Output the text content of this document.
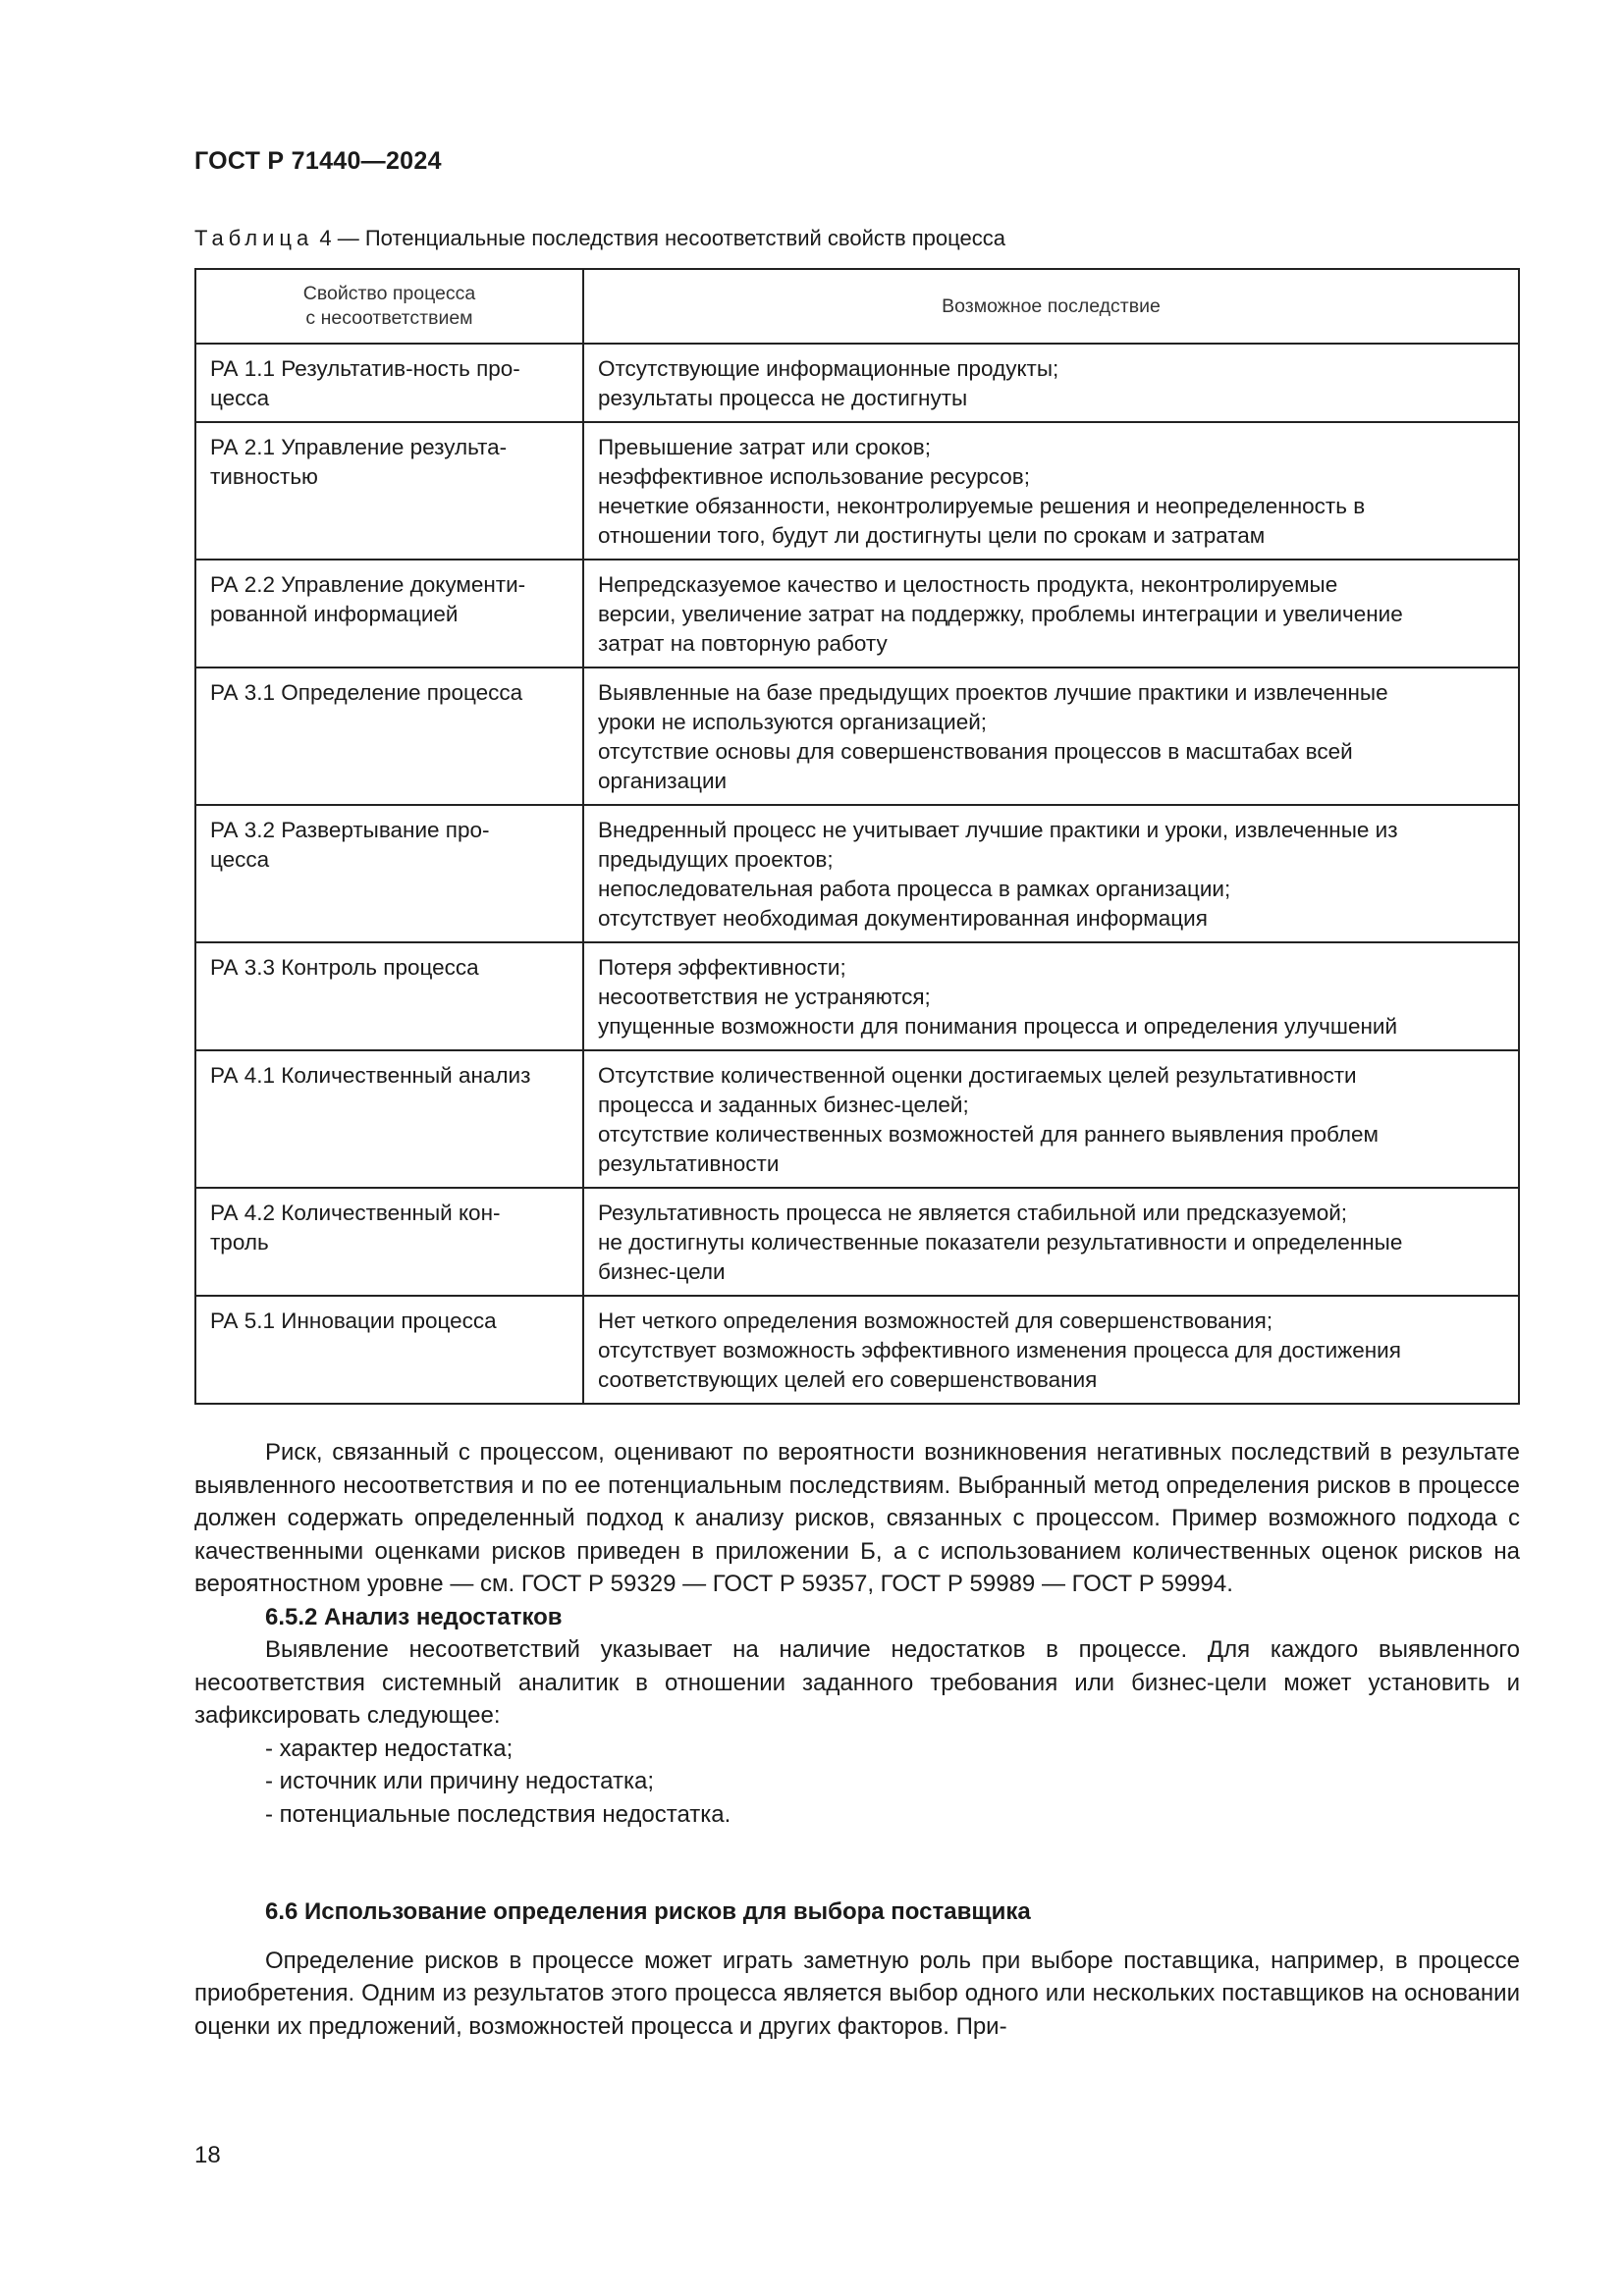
ГОСТ Р 71440—2024
Таблица 4 — Потенциальные последствия несоответствий свойств процесса
Свойство процесса
с несоответствием	Возможное последствие

РА 1.1 Результатив-ность про-
цесса	Отсутствующие информационные продукты;
результаты процесса не достигнуты

РА 2.1 Управление результа-
тивностью	Превышение затрат или сроков;
неэффективное использование ресурсов;
нечеткие обязанности, неконтролируемые решения и неопределенность в
отношении того, будут ли достигнуты цели по срокам и затратам

РА 2.2 Управление документи-
рованной информацией	Непредсказуемое качество и целостность продукта, неконтролируемые
версии, увеличение затрат на поддержку, проблемы интеграции и увеличение
затрат на повторную работу

РА 3.1 Определение процесса	Выявленные на базе предыдущих проектов лучшие практики и извлеченные
уроки не используются организацией;
отсутствие основы для совершенствования процессов в масштабах всей
организации

РА 3.2 Развертывание про-
цесса	Внедренный процесс не учитывает лучшие практики и уроки, извлеченные из
предыдущих проектов;
непоследовательная работа процесса в рамках организации;
отсутствует необходимая документированная информация

РА 3.3 Контроль процесса	Потеря эффективности;
несоответствия не устраняются;
упущенные возможности для понимания процесса и определения улучшений

РА 4.1 Количественный анализ	Отсутствие количественной оценки достигаемых целей результативности
процесса и заданных бизнес-целей;
отсутствие количественных возможностей для раннего выявления проблем
результативности

РА 4.2 Количественный кон-
троль	Результативность процесса не является стабильной или предсказуемой;
не достигнуты количественные показатели результативности и определенные
бизнес-цели

РА 5.1 Инновации процесса	Нет четкого определения возможностей для совершенствования;
отсутствует возможность эффективного изменения процесса для достижения
соответствующих целей его совершенствования

Риск, связанный с процессом, оценивают по вероятности возникновения негативных последствий в результате выявленного несоответствия и по ее потенциальным последствиям. Выбранный метод определения рисков в процессе должен содержать определенный подход к анализу рисков, связанных с процессом. Пример возможного подхода с качественными оценками рисков приведен в приложении Б, а с использованием количественных оценок рисков на вероятностном уровне — см. ГОСТ Р 59329 — ГОСТ Р 59357, ГОСТ Р 59989 — ГОСТ Р 59994.

6.5.2 Анализ недостатков

Выявление несоответствий указывает на наличие недостатков в процессе. Для каждого выявленного несоответствия системный аналитик в отношении заданного требования или бизнес-цели может установить и зафиксировать следующее:

- характер недостатка;

- источник или причину недостатка;

- потенциальные последствия недостатка.

6.6 Использование определения рисков для выбора поставщика

Определение рисков в процессе может играть заметную роль при выборе поставщика, например, в процессе приобретения. Одним из результатов этого процесса является выбор одного или нескольких поставщиков на основании оценки их предложений, возможностей процесса и других факторов. При-

18
